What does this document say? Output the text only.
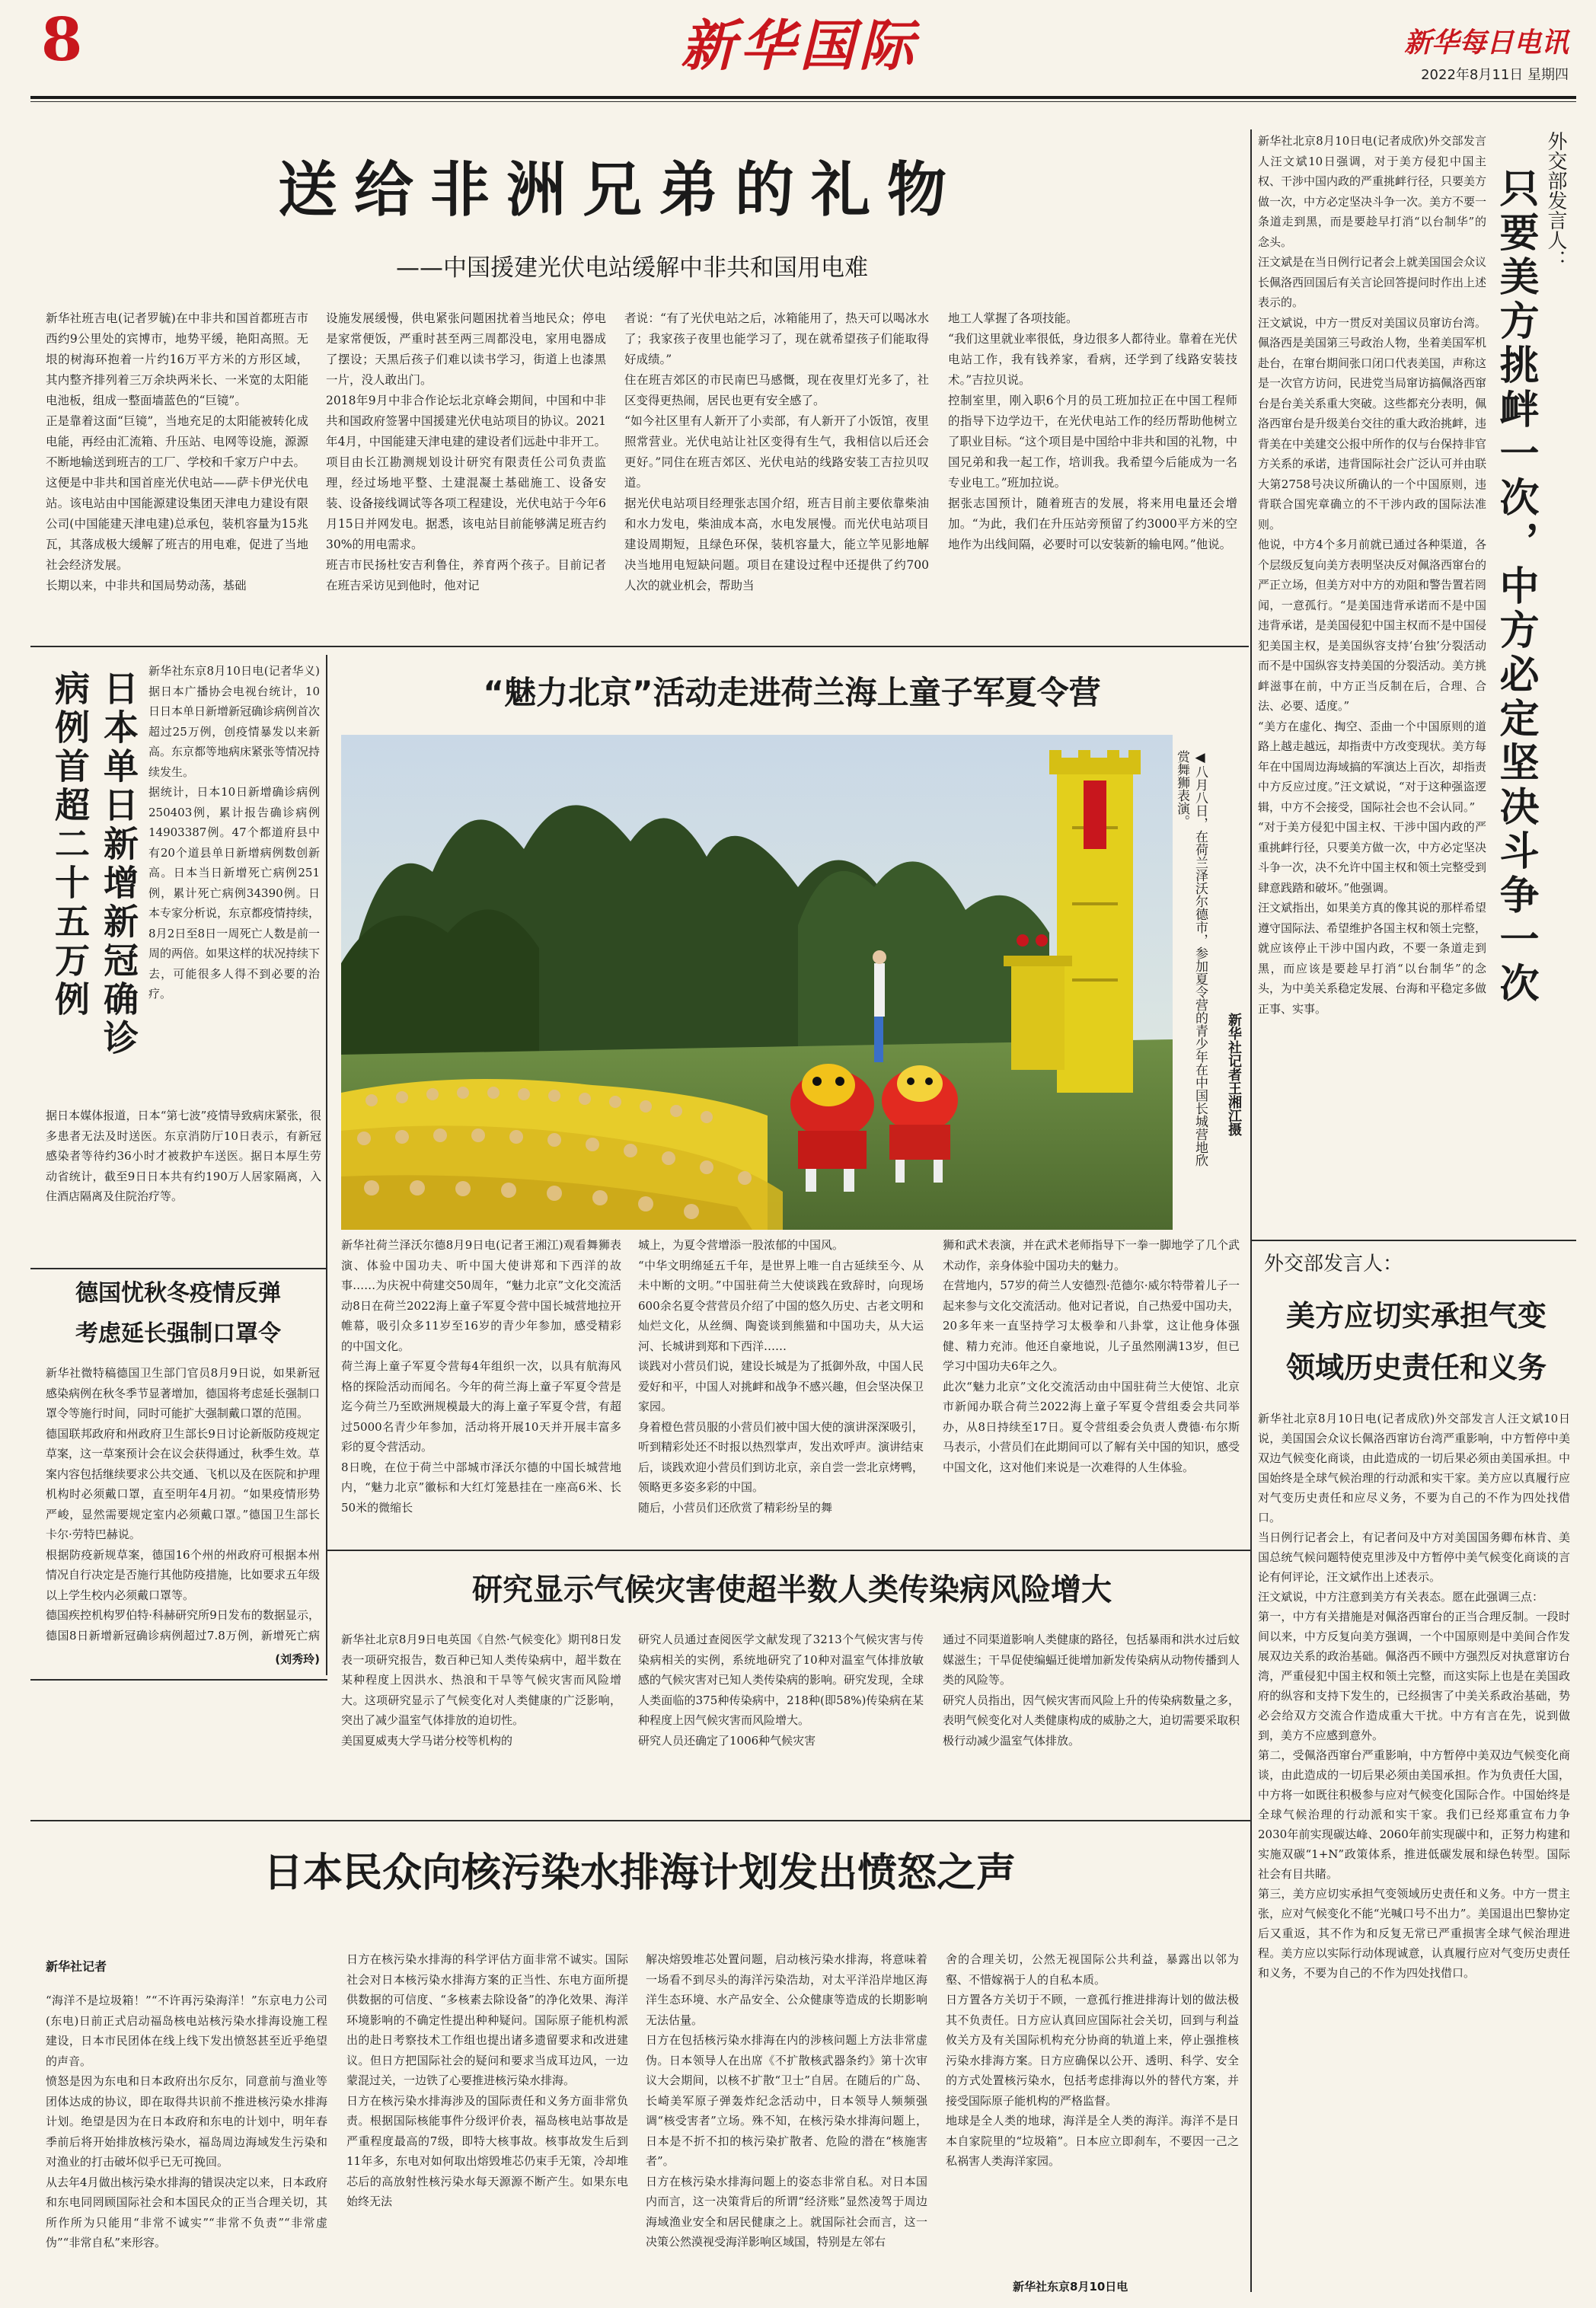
8	新华国际	新华每日电讯
2022年8月11日 星期四
送给非洲兄弟的礼物
——中国援建光伏电站缓解中非共和国用电难
新华社班吉电(记者罗毓)在中非共和国首都班吉市西约9公里处的宾博市，地势平缓，艳阳高照。无垠的树海环抱着一片约16万平方米的方形区域，其内整齐排列着三万余块两米长、一米宽的太阳能电池板，组成一整面墙蓝色的“巨镜”。
正是靠着这面“巨镜”，当地充足的太阳能被转化成电能，再经由汇流箱、升压站、电网等设施，源源不断地输送到班吉的工厂、学校和千家万户中去。
这便是中非共和国首座光伏电站——萨卡伊光伏电站。该电站由中国能源建设集团天津电力建设有限公司(中国能建天津电建)总承包，装机容量为15兆瓦，其落成极大缓解了班吉的用电难，促进了当地社会经济发展。
长期以来，中非共和国局势动荡，基础
设施发展缓慢，供电紧张问题困扰着当地民众；停电是家常便饭，严重时甚至两三周都没电，家用电器成了摆设；天黑后孩子们难以读书学习，街道上也漆黑一片，没人敢出门。
2018年9月中非合作论坛北京峰会期间，中国和中非共和国政府签署中国援建光伏电站项目的协议。2021年4月，中国能建天津电建的建设者们远赴中非开工。项目由长江勘测规划设计研究有限责任公司负责监理，经过场地平整、土建混凝土基础施工、设备安装、设备接线调试等各项工程建设，光伏电站于今年6月15日并网发电。据悉，该电站目前能够满足班吉约30%的用电需求。
班吉市民扬杜安吉利鲁住，养育两个孩子。目前记者在班吉采访见到他时，他对记
者说：“有了光伏电站之后，冰箱能用了，热天可以喝冰水了；我家孩子夜里也能学习了，现在就希望孩子们能取得好成绩。”
住在班吉郊区的市民南巴马感慨，现在夜里灯光多了，社区变得更热闹，居民也更有安全感了。
“如今社区里有人新开了小卖部，有人新开了小饭馆，夜里照常营业。光伏电站让社区变得有生气，我相信以后还会更好。”同住在班吉郊区、光伏电站的线路安装工吉拉贝叹道。
据光伏电站项目经理张志国介绍，班吉目前主要依靠柴油和水力发电，柴油成本高，水电发展慢。而光伏电站项目建设周期短，且绿色环保，装机容量大，能立竿见影地解决当地用电短缺问题。项目在建设过程中还提供了约700人次的就业机会，帮助当
地工人掌握了各项技能。
“我们这里就业率很低，身边很多人都待业。靠着在光伏电站工作，我有钱养家，看病，还学到了线路安装技术。”吉拉贝说。
控制室里，刚入职6个月的员工班加拉正在中国工程师的指导下边学边干，在光伏电站工作的经历帮助他树立了职业目标。“这个项目是中国给中非共和国的礼物，中国兄弟和我一起工作，培训我。我希望今后能成为一名专业电工。”班加拉说。
据张志国预计，随着班吉的发展，将来用电量还会增加。“为此，我们在升压站旁预留了约3000平方米的空地作为出线间隔，必要时可以安装新的输电网。”他说。
新华社北京8月10日电(记者成欣)外交部发言人汪文斌10日强调，对于美方侵犯中国主权、干涉中国内政的严重挑衅行径，只要美方做一次，中方必定坚决斗争一次。美方不要一条道走到黑，而是要趁早打消“以台制华”的念头。
汪文斌是在当日例行记者会上就美国国会众议长佩洛西回国后有关言论回答提问时作出上述表示的。
汪文斌说，中方一贯反对美国议员窜访台湾。佩洛西是美国第三号政治人物，坐着美国军机赴台，在窜台期间张口闭口代表美国，声称这是一次官方访问，民进党当局窜访搞佩洛西窜台是台美关系重大突破。这些都充分表明，佩洛西窜台是升级美台交往的重大政治挑衅，违背美在中美建交公报中所作的仅与台保持非官方关系的承诺，违背国际社会广泛认可并由联大第2758号决议所确认的一个中国原则，违背联合国宪章确立的不干涉内政的国际法准则。
他说，中方4个多月前就已通过各种渠道，各个层级反复向美方表明坚决反对佩洛西窜台的严正立场，但美方对中方的劝阻和警告置若罔闻，一意孤行。“是美国违背承诺而不是中国违背承诺，是美国侵犯中国主权而不是中国侵犯美国主权，是美国纵容支持‘台独’分裂活动而不是中国纵容支持美国的分裂活动。美方挑衅滋事在前，中方正当反制在后，合理、合法、必要、适度。”
“美方在虚化、掏空、歪曲一个中国原则的道路上越走越远，却指责中方改变现状。美方每年在中国周边海域搞的军演达上百次，却指责中方反应过度。”汪文斌说，“对于这种强盗逻辑，中方不会接受，国际社会也不会认同。”
“对于美方侵犯中国主权、干涉中国内政的严重挑衅行径，只要美方做一次，中方必定坚决斗争一次，决不允许中国主权和领土完整受到肆意践踏和破坏。”他强调。
汪文斌指出，如果美方真的像其说的那样希望遵守国际法、希望维护各国主权和领土完整，就应该停止干涉中国内政，不要一条道走到黑，而应该是要趁早打消“以台制华”的念头，为中美关系稳定发展、台海和平稳定多做正事、实事。
外交部发言人：
只要美方挑衅一次，中方必定坚决斗争一次
外交部发言人：
美方应切实承担气变
领域历史责任和义务
新华社北京8月10日电(记者成欣)外交部发言人汪文斌10日说，美国国会众议长佩洛西窜访台湾严重影响，中方暂停中美双边气候变化商谈，由此造成的一切后果必须由美国承担。中国始终是全球气候治理的行动派和实干家。美方应以真履行应对气变历史责任和应尽义务，不要为自己的不作为四处找借口。
当日例行记者会上，有记者问及中方对美国国务卿布林肯、美国总统气候问题特使克里涉及中方暂停中美气候变化商谈的言论有何评论，汪文斌作出上述表示。
汪文斌说，中方注意到美方有关表态。愿在此强调三点：
第一，中方有关措施是对佩洛西窜台的正当合理反制。一段时间以来，中方反复向美方强调，一个中国原则是中美间合作发展双边关系的政治基础。佩洛西不顾中方强烈反对执意窜访台湾，严重侵犯中国主权和领土完整，而这实际上也是在美国政府的纵容和支持下发生的，已经损害了中美关系政治基础，势必会给双方交流合作造成重大干扰。中方有言在先，说到做到，美方不应感到意外。
第二，受佩洛西窜台严重影响，中方暂停中美双边气候变化商谈，由此造成的一切后果必须由美国承担。作为负责任大国，中方将一如既往积极参与应对气候变化国际合作。中国始终是全球气候治理的行动派和实干家。我们已经郑重宣布力争2030年前实现碳达峰、2060年前实现碳中和，正努力构建和实施双碳“1+N”政策体系，推进低碳发展和绿色转型。国际社会有目共睹。
第三，美方应切实承担气变领域历史责任和义务。中方一贯主张，应对气候变化不能“光喊口号不出力”。美国退出巴黎协定后又重返，其不作为和反复无常已严重损害全球气候治理进程。美方应以实际行动体现诚意，认真履行应对气变历史责任和义务，不要为自己的不作为四处找借口。
日本单日新增新冠确诊病例首超二十五万例	新华社东京8月10日电(记者华义)据日本广播协会电视台统计，10日日本单日新增新冠确诊病例首次超过25万例，创疫情暴发以来新高。东京都等地病床紧张等情况持续发生。
据统计，日本10日新增确诊病例250403例，累计报告确诊病例14903387例。47个都道府县中有20个道县单日新增病例数创新高。日本当日新增死亡病例251例，累计死亡病例34390例。日本专家分析说，东京都疫情持续，8月2日至8日一周死亡人数是前一周的两倍。如果这样的状况持续下去，可能很多人得不到必要的治疗。
据日本媒体报道，日本“第七波”疫情导致病床紧张，很多患者无法及时送医。东京消防厅10日表示，有新冠感染者等待约36小时才被救护车送医。据日本厚生劳动省统计，截至9日日本共有约190万人居家隔离，入住酒店隔离及住院治疗等。
德国忧秋冬疫情反弹
考虑延长强制口罩令
新华社微特稿德国卫生部门官员8月9日说，如果新冠感染病例在秋冬季节显著增加，德国将考虑延长强制口罩令等施行时间，同时可能扩大强制戴口罩的范围。
德国联邦政府和州政府卫生部长9日讨论新版防疫规定草案，这一草案预计会在议会获得通过，秋季生效。草案内容包括继续要求公共交通、飞机以及在医院和护理机构时必须戴口罩，直至明年4月初。“如果疫情形势严峻，显然需要规定室内必须戴口罩。”德国卫生部长卡尔·劳特巴赫说。
根据防疫新规草案，德国16个州的州政府可根据本州情况自行决定是否施行其他防疫措施，比如要求五年级以上学生校内必须戴口罩等。
德国疾控机构罗伯特·科赫研究所9日发布的数据显示，德国8日新增新冠确诊病例超过7.8万例，新增死亡病
(刘秀玲)
“魅力北京”活动走进荷兰海上童子军夏令营
◀八月八日，在荷兰泽沃尔德市，参加夏令营的青少年在中国长城营地欣赏舞狮表演。
新华社记者王湘江摄
新华社荷兰泽沃尔德8月9日电(记者王湘江)观看舞狮表演、体验中国功夫、听中国大使讲郑和下西洋的故事……为庆祝中荷建交50周年，“魅力北京”文化交流活动8日在荷兰2022海上童子军夏令营中国长城营地拉开帷幕，吸引众多11岁至16岁的青少年参加，感受精彩的中国文化。
荷兰海上童子军夏令营每4年组织一次，以具有航海风格的探险活动而闻名。今年的荷兰海上童子军夏令营是迄今荷兰乃至欧洲规模最大的海上童子军夏令营，有超过5000名青少年参加，活动将开展10天并开展丰富多彩的夏令营活动。
8日晚，在位于荷兰中部城市泽沃尔德的中国长城营地内，“魅力北京”徽标和大红灯笼悬挂在一座高6米、长50米的微缩长
城上，为夏令营增添一股浓郁的中国风。
“中华文明绵延五千年，是世界上唯一自古延续至今、从未中断的文明。”中国驻荷兰大使谈践在致辞时，向现场600余名夏令营营员介绍了中国的悠久历史、古老文明和灿烂文化，从丝绸、陶瓷谈到熊猫和中国功夫，从大运河、长城讲到郑和下西洋……
谈践对小营员们说，建设长城是为了抵御外敌，中国人民爱好和平，中国人对挑衅和战争不感兴趣，但会坚决保卫家园。
身着橙色营员服的小营员们被中国大使的演讲深深吸引，听到精彩处还不时报以热烈掌声，发出欢呼声。演讲结束后，谈践欢迎小营员们到访北京，亲自尝一尝北京烤鸭，领略更多姿多彩的中国。
随后，小营员们还欣赏了精彩纷呈的舞
狮和武术表演，并在武术老师指导下一拳一脚地学了几个武术动作，亲身体验中国功夫的魅力。
在营地内，57岁的荷兰人安德烈·范德尔·威尔特带着儿子一起来参与文化交流活动。他对记者说，自己热爱中国功夫，20多年来一直坚持学习太极拳和八卦掌，这让他身体强健、精力充沛。他还自豪地说，儿子虽然刚满13岁，但已学习中国功夫6年之久。
此次“魅力北京”文化交流活动由中国驻荷兰大使馆、北京市新闻办联合荷兰2022海上童子军夏令营组委会共同举办，从8日持续至17日。夏令营组委会负责人费德·布尔斯马表示，小营员们在此期间可以了解有关中国的知识，感受中国文化，这对他们来说是一次难得的人生体验。
研究显示气候灾害使超半数人类传染病风险增大
新华社北京8月9日电英国《自然·气候变化》期刊8日发表一项研究报告，数百种已知人类传染病中，超半数在某种程度上因洪水、热浪和干旱等气候灾害而风险增大。这项研究显示了气候变化对人类健康的广泛影响，突出了减少温室气体排放的迫切性。
美国夏威夷大学马诺分校等机构的
研究人员通过查阅医学文献发现了3213个气候灾害与传染病相关的实例，系统地研究了10种对温室气体排放敏感的气候灾害对已知人类传染病的影响。研究发现，全球人类面临的375种传染病中，218种(即58%)传染病在某种程度上因气候灾害而风险增大。
研究人员还确定了1006种气候灾害
通过不同渠道影响人类健康的路径，包括暴雨和洪水过后蚊媒滋生；干旱促使编蝠迁徙增加新发传染病从动物传播到人类的风险等。
研究人员指出，因气候灾害而风险上升的传染病数量之多，表明气候变化对人类健康构成的威胁之大，迫切需要采取积极行动减少温室气体排放。
日本民众向核污染水排海计划发出愤怒之声
新华社记者
“海洋不是垃圾箱！”“不许再污染海洋！”东京电力公司(东电)日前正式启动福岛核电站核污染水排海设施工程建设，日本市民团体在线上线下发出愤怒甚至近乎绝望的声音。
愤怒是因为东电和日本政府出尔反尔，同意前与渔业等团体达成的协议，即在取得共识前不推进核污染水排海计划。绝望是因为在日本政府和东电的计划中，明年春季前后将开始排放核污染水，福岛周边海域发生污染和对渔业的打击破坏似乎已无可挽回。
从去年4月做出核污染水排海的错误决定以来，日本政府和东电同罔顾国际社会和本国民众的正当合理关切，其所作所为只能用“非常不诚实”“非常不负责”“非常虚伪”“非常自私”来形容。
日方在核污染水排海的科学评估方面非常不诚实。国际社会对日本核污染水排海方案的正当性、东电方面所提供数据的可信度、“多核素去除设备”的净化效果、海洋环境影响的不确定性提出种种疑问。国际原子能机构派出的赴日考察技术工作组也提出诸多遗留要求和改进建议。但日方把国际社会的疑问和要求当成耳边风，一边蒙混过关，一边铁了心要推进核污染水排海。
日方在核污染水排海涉及的国际责任和义务方面非常负责。根据国际核能事件分级评价表，福岛核电站事故是严重程度最高的7级，即特大核事故。核事故发生后到11年多，东电对如何取出熔毁堆芯仍束手无策，冷却堆芯后的高放射性核污染水每天源源不断产生。如果东电始终无法
解决熔毁堆芯处置问题，启动核污染水排海，将意味着一场看不到尽头的海洋污染浩劫，对太平洋沿岸地区海洋生态环境、水产品安全、公众健康等造成的长期影响无法估量。
日方在包括核污染水排海在内的涉核问题上方法非常虚伪。日本领导人在出席《不扩散核武器条约》第十次审议大会期间，以核不扩散“卫士”自居。在随后的广岛、长崎美军原子弹轰炸纪念活动中，日本领导人频频强调“核受害者”立场。殊不知，在核污染水排海问题上，日本是不折不扣的核污染扩散者、危险的潜在“核施害者”。
日方在核污染水排海问题上的姿态非常自私。对日本国内而言，这一决策背后的所谓“经济账”显然凌驾于周边海域渔业安全和居民健康之上。就国际社会而言，这一决策公然漠视受海洋影响区域国，特别是左邻右
舍的合理关切，公然无视国际公共利益，暴露出以邻为壑、不惜嫁祸于人的自私本质。
日方置各方关切于不顾，一意孤行推进排海计划的做法极其不负责任。日方应认真回应国际社会关切，回到与利益攸关方及有关国际机构充分协商的轨道上来，停止强推核污染水排海方案。日方应确保以公开、透明、科学、安全的方式处置核污染水，包括考虑排海以外的替代方案，并接受国际原子能机构的严格监督。
地球是全人类的地球，海洋是全人类的海洋。海洋不是日本自家院里的“垃圾箱”。日本应立即刹车，不要因一己之私祸害人类海洋家园。
新华社东京8月10日电
